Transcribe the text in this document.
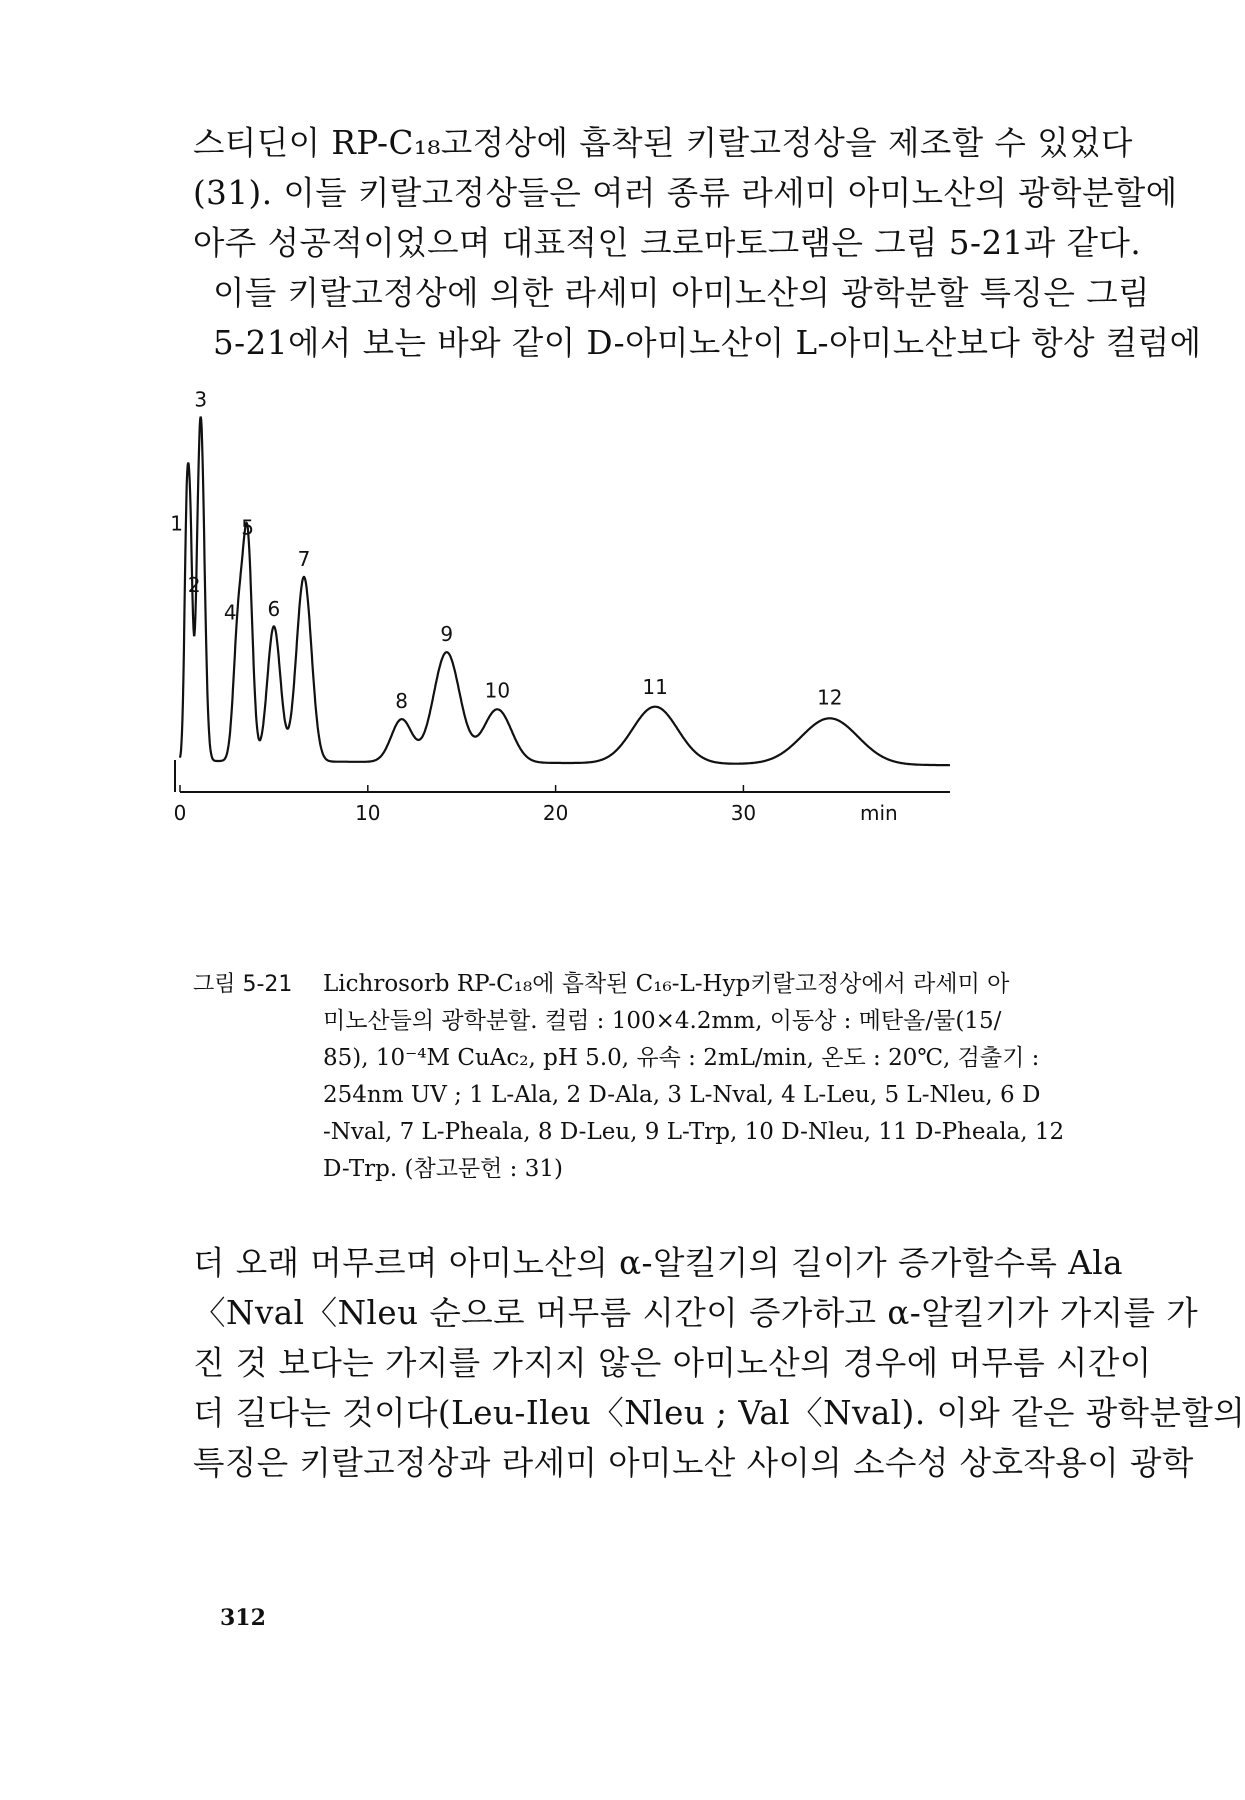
스티딘이 RP-C₁₈고정상에 흡착된 키랄고정상을 제조할 수 있었다
(31). 이들 키랄고정상들은 여러 종류 라세미 아미노산의 광학분할에
아주 성공적이었으며 대표적인 크로마토그램은 그림 5-21과 같다.
이들 키랄고정상에 의한 라세미 아미노산의 광학분할 특징은 그림
5-21에서 보는 바와 같이 D-아미노산이 L-아미노산보다 항상 컬럼에
0	10	20	30
1
2
3
4
5
6
7
8
9
10	11	12
min
그림 5-21 Lichrosorb RP-C₁₈에 흡착된 C₁₆-L-Hyp키랄고정상에서 라세미 아
미노산들의 광학분할. 컬럼 : 100×4.2mm, 이동상 : 메탄올/물(15/
85), 10⁻⁴M CuAc₂, pH 5.0, 유속 : 2mL/min, 온도 : 20℃, 검출기 :
254nm UV ; 1 L-Ala, 2 D-Ala, 3 L-Nval, 4 L-Leu, 5 L-Nleu, 6 D
-Nval, 7 L-Pheala, 8 D-Leu, 9 L-Trp, 10 D-Nleu, 11 D-Pheala, 12
D-Trp. (참고문헌 : 31)
더 오래 머무르며 아미노산의 α-알킬기의 길이가 증가할수록 Ala
〈Nval〈Nleu 순으로 머무름 시간이 증가하고 α-알킬기가 가지를 가
진 것 보다는 가지를 가지지 않은 아미노산의 경우에 머무름 시간이
더 길다는 것이다(Leu-Ileu〈Nleu ; Val〈Nval). 이와 같은 광학분할의
특징은 키랄고정상과 라세미 아미노산 사이의 소수성 상호작용이 광학
312
